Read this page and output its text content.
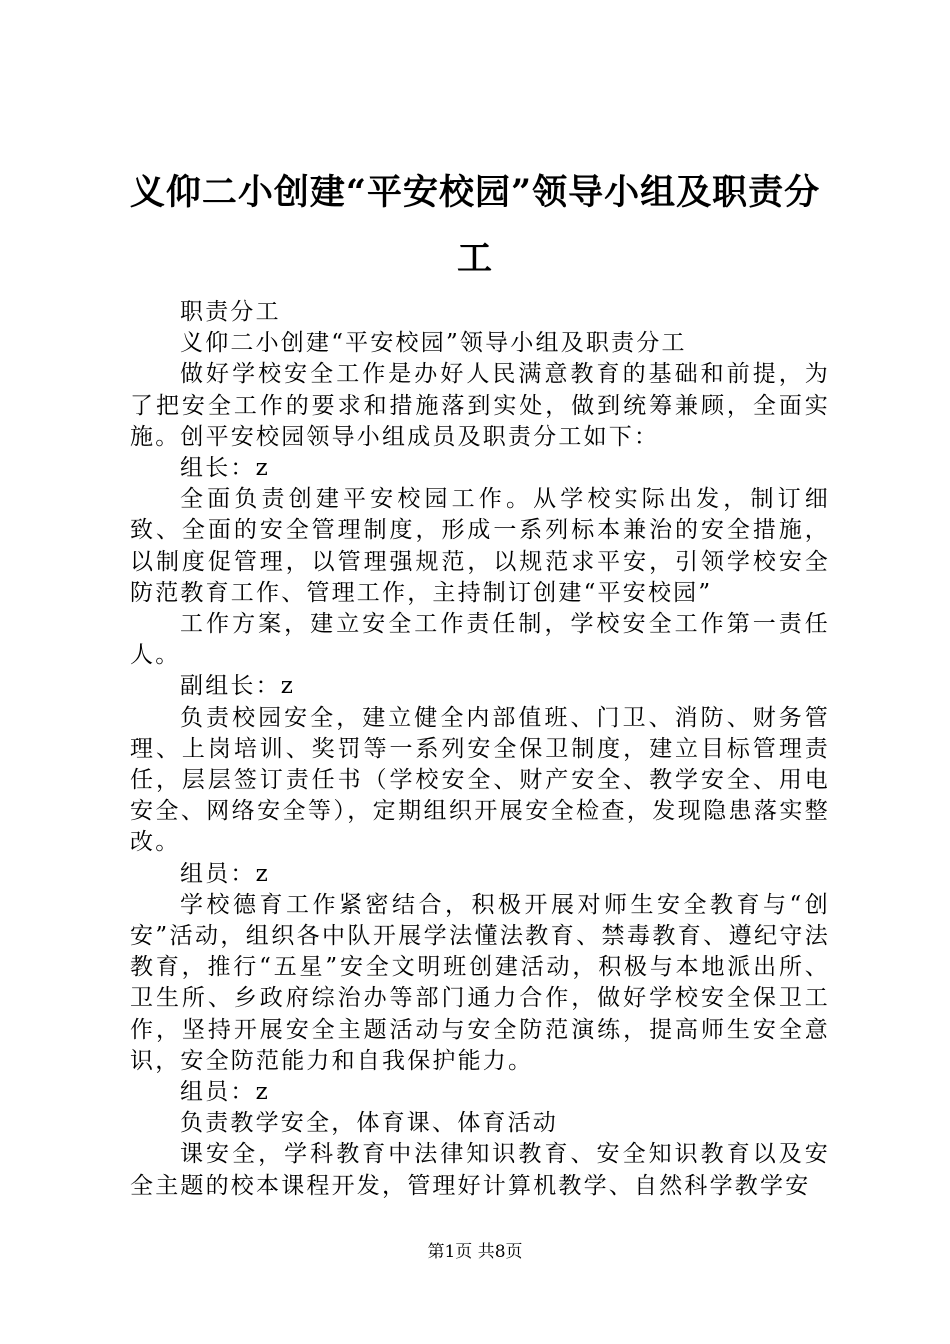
义仰二小创建“平安校园”领导小组及职责分工

职责分工

义仰二小创建“平安校园”领导小组及职责分工

做好学校安全工作是办好人民满意教育的基础和前提，为了把安全工作的要求和措施落到实处，做到统筹兼顾，全面实施。创平安校园领导小组成员及职责分工如下：

组长：z

全面负责创建平安校园工作。从学校实际出发，制订细致、全面的安全管理制度，形成一系列标本兼治的安全措施，以制度促管理，以管理强规范，以规范求平安，引领学校安全防范教育工作、管理工作，主持制订创建“平安校园”

工作方案，建立安全工作责任制，学校安全工作第一责任人。

副组长：z

负责校园安全，建立健全内部值班、门卫、消防、财务管理、上岗培训、奖罚等一系列安全保卫制度，建立目标管理责任，层层签订责任书（学校安全、财产安全、教学安全、用电安全、网络安全等），定期组织开展安全检查，发现隐患落实整改。

组员：z

学校德育工作紧密结合，积极开展对师生安全教育与“创安”活动，组织各中队开展学法懂法教育、禁毒教育、遵纪守法教育，推行“五星”安全文明班创建活动，积极与本地派出所、卫生所、乡政府综治办等部门通力合作，做好学校安全保卫工作，坚持开展安全主题活动与安全防范演练，提高师生安全意识，安全防范能力和自我保护能力。

组员：z

负责教学安全，体育课、体育活动

课安全，学科教育中法律知识教育、安全知识教育以及安全主题的校本课程开发，管理好计算机教学、自然科学教学安

第1页 共8页
